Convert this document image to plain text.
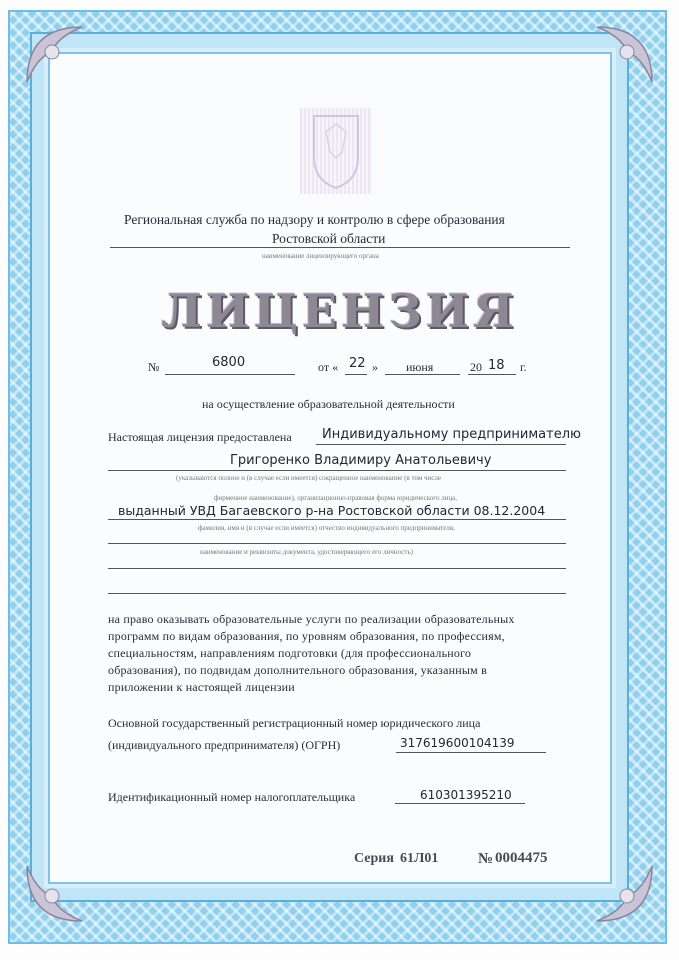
Региональная служба по надзору и контролю в сфере образования
Ростовской области
наименование лицензирующего органа
ЛИЦЕНЗИЯ
№	6800	от « 22 » июня	20 18 г.
на осуществление образовательной деятельности
Настоящая лицензия предоставлена Индивидуальному предпринимателю
Григоренко Владимиру Анатольевичу
(указываются полное и (в случае если имеется) сокращенное наименование (в том числе
фирменное наименование), организационно-правовая форма юридического лица,
выданный УВД Багаевского р-на Ростовской области 08.12.2004
фамилия, имя и (в случае если имеется) отчество индивидуального предпринимателя,
наименование и реквизиты документа, удостоверяющего его личность)
на право оказывать образовательные услуги по реализации образовательных
программ по видам образования, по уровням образования, по профессиям,
специальностям, направлениям подготовки (для профессионального
образования), по подвидам дополнительного образования, указанным в
приложении к настоящей лицензии
Основной государственный регистрационный номер юридического лица
(индивидуального предпринимателя) (ОГРН)	317619600104139
Идентификационный номер налогоплательщика	610301395210
Серия 61Л01	№ 0004475
